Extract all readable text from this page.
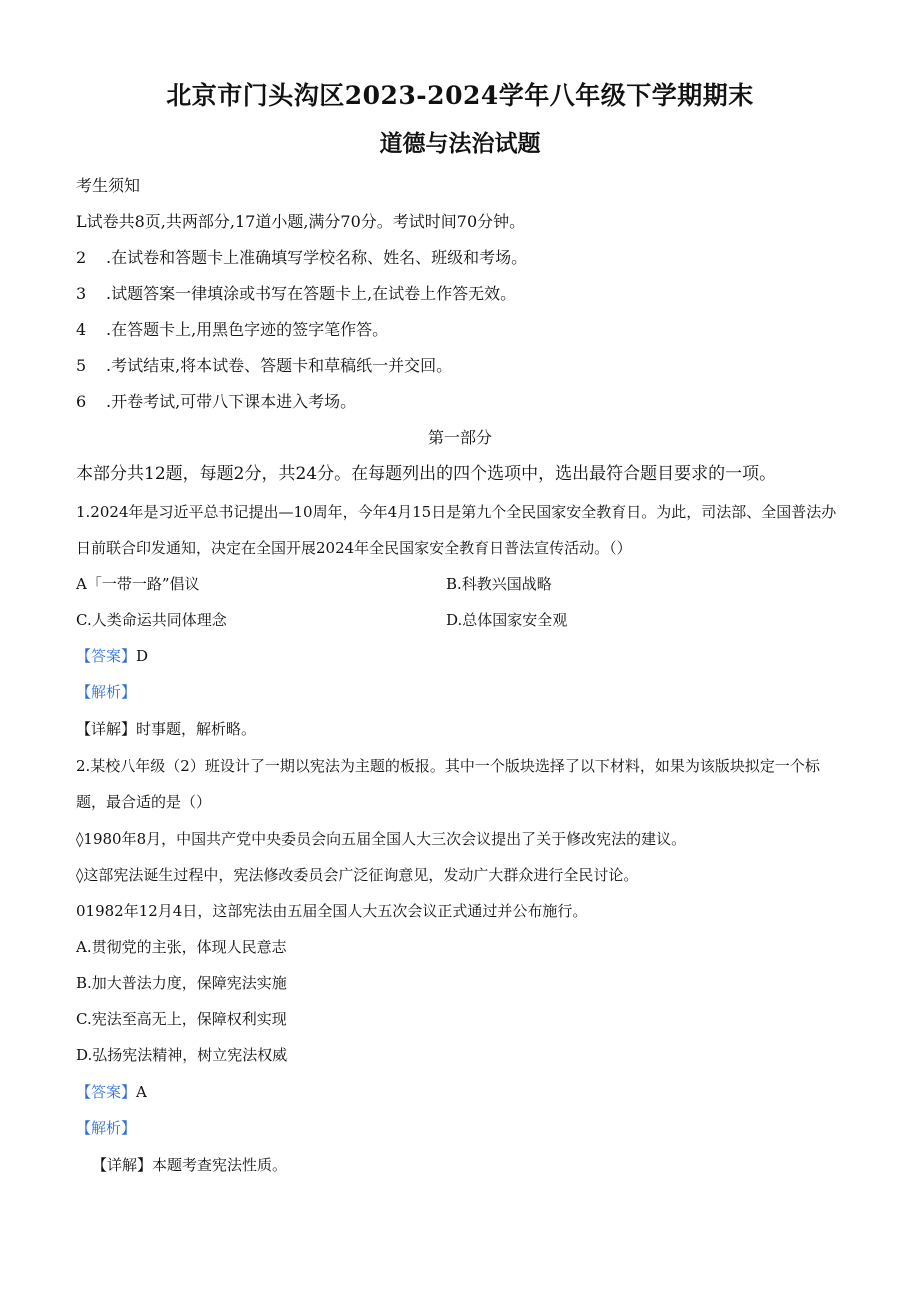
北京市门头沟区2023-2024学年八年级下学期期末
道德与法治试题
考生须知
L试卷共8页,共两部分,17道小题,满分70分。考试时间70分钟。
2 .在试卷和答题卡上准确填写学校名称、姓名、班级和考场。
3 .试题答案一律填涂或书写在答题卡上,在试卷上作答无效。
4 .在答题卡上,用黑色字迹的签字笔作答。
5 .考试结束,将本试卷、答题卡和草稿纸一并交回。
6 .开卷考试,可带八下课本进入考场。
第一部分
本部分共12题，每题2分，共24分。在每题列出的四个选项中，选出最符合题目要求的一项。
1.2024年是习近平总书记提出—10周年，今年4月15日是第九个全民国家安全教育日。为此，司法部、全国普法办
日前联合印发通知，决定在全国开展2024年全民国家安全教育日普法宣传活动。（）
A「一带一路”倡议	B.科教兴国战略
C.人类命运共同体理念	D.总体国家安全观
【答案】D
【解析】
【详解】时事题，解析略。
2.某校八年级（2）班设计了一期以宪法为主题的板报。其中一个版块选择了以下材料，如果为该版块拟定一个标
题，最合适的是（）
◊1980年8月，中国共产党中央委员会向五届全国人大三次会议提出了关于修改宪法的建议。
◊这部宪法诞生过程中，宪法修改委员会广泛征询意见，发动广大群众进行全民讨论。
01982年12月4日，这部宪法由五届全国人大五次会议正式通过并公布施行。
A.贯彻党的主张，体现人民意志
B.加大普法力度，保障宪法实施
C.宪法至高无上，保障权利实现
D.弘扬宪法精神，树立宪法权威
【答案】A
【解析】
【详解】本题考查宪法性质。
